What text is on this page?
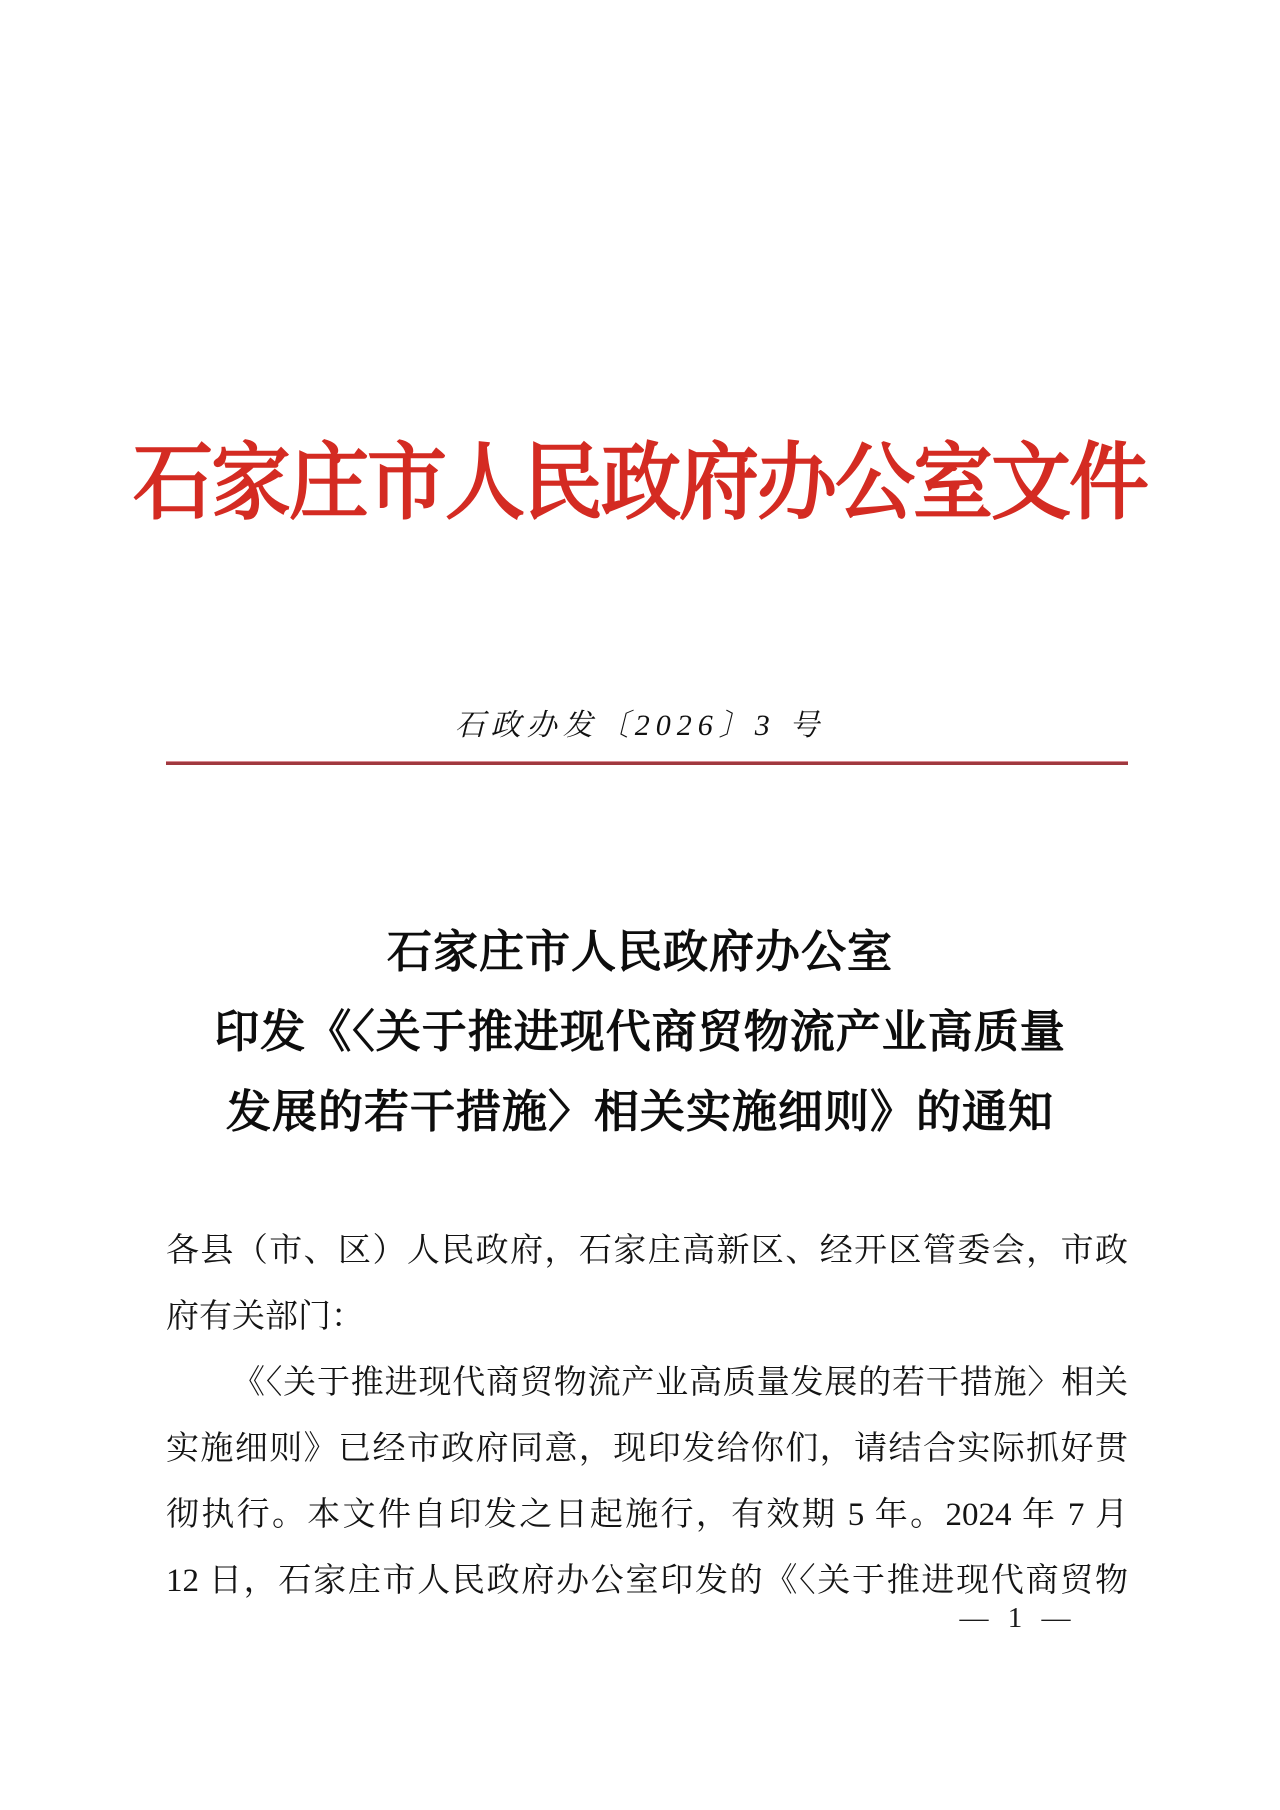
石家庄市人民政府办公室文件
石政办发〔2026〕3 号
石家庄市人民政府办公室
印发《〈关于推进现代商贸物流产业高质量
发展的若干措施〉相关实施细则》的通知
各县（市、区）人民政府，石家庄高新区、经开区管委会，市政
府有关部门：
《〈关于推进现代商贸物流产业高质量发展的若干措施〉相关
实施细则》已经市政府同意，现印发给你们，请结合实际抓好贯
彻执行。本文件自印发之日起施行，有效期 5 年。2024 年 7 月
12 日，石家庄市人民政府办公室印发的《〈关于推进现代商贸物
— 1 —
